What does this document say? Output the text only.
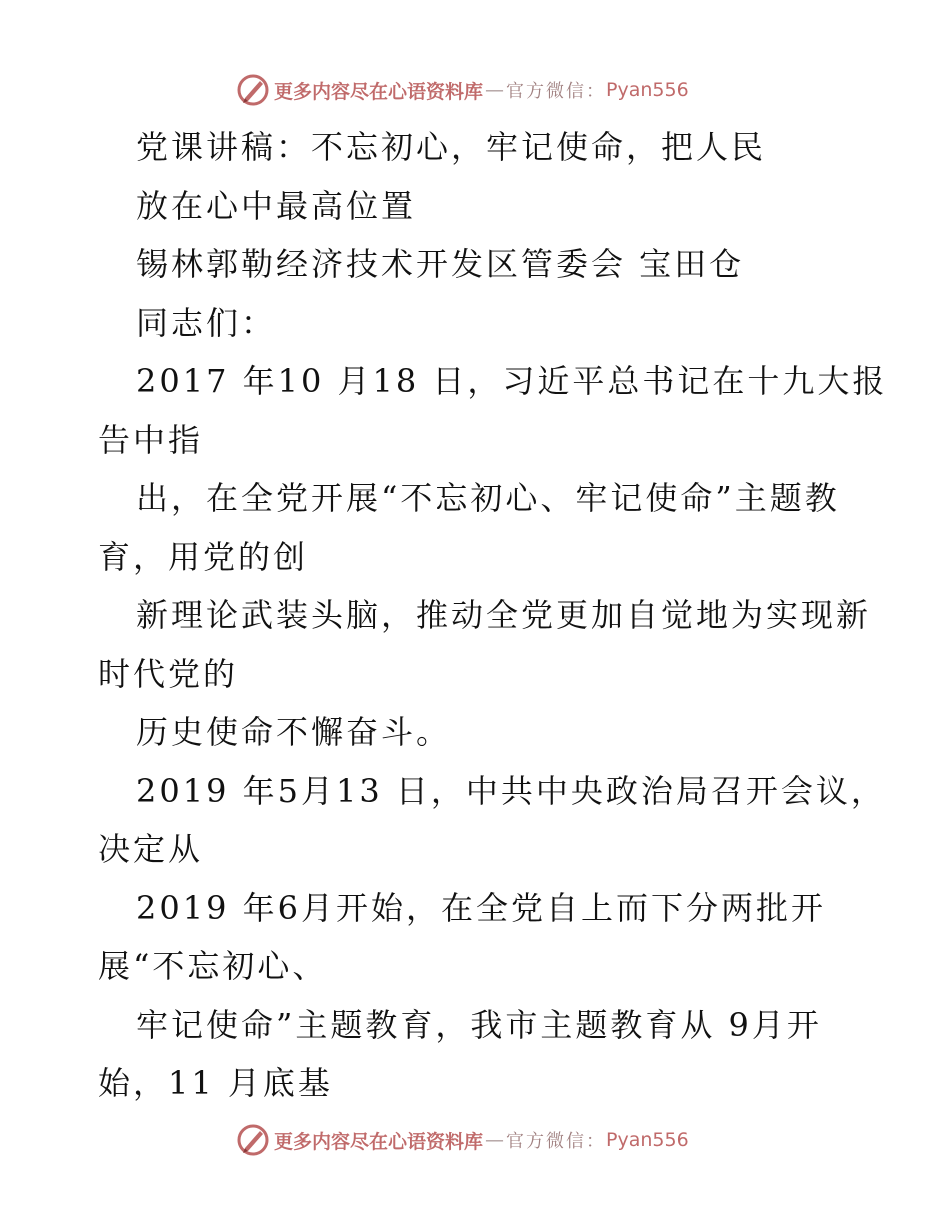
更多内容尽在心语资料库 — 官方微信： Pyan556
党课讲稿：不忘初心，牢记使命，把人民
放在心中最高位置
锡林郭勒经济技术开发区管委会 宝田仓
同志们：
2017 年10 月18 日，习近平总书记在十九大报
告中指
出，在全党开展“不忘初心、牢记使命”主题教
育，用党的创
新理论武装头脑，推动全党更加自觉地为实现新
时代党的
历史使命不懈奋斗。
2019 年5月13 日，中共中央政治局召开会议，
决定从
2019 年6月开始，在全党自上而下分两批开
展“不忘初心、
牢记使命”主题教育，我市主题教育从 9月开
始，11 月底基
更多内容尽在心语资料库 — 官方微信： Pyan556
